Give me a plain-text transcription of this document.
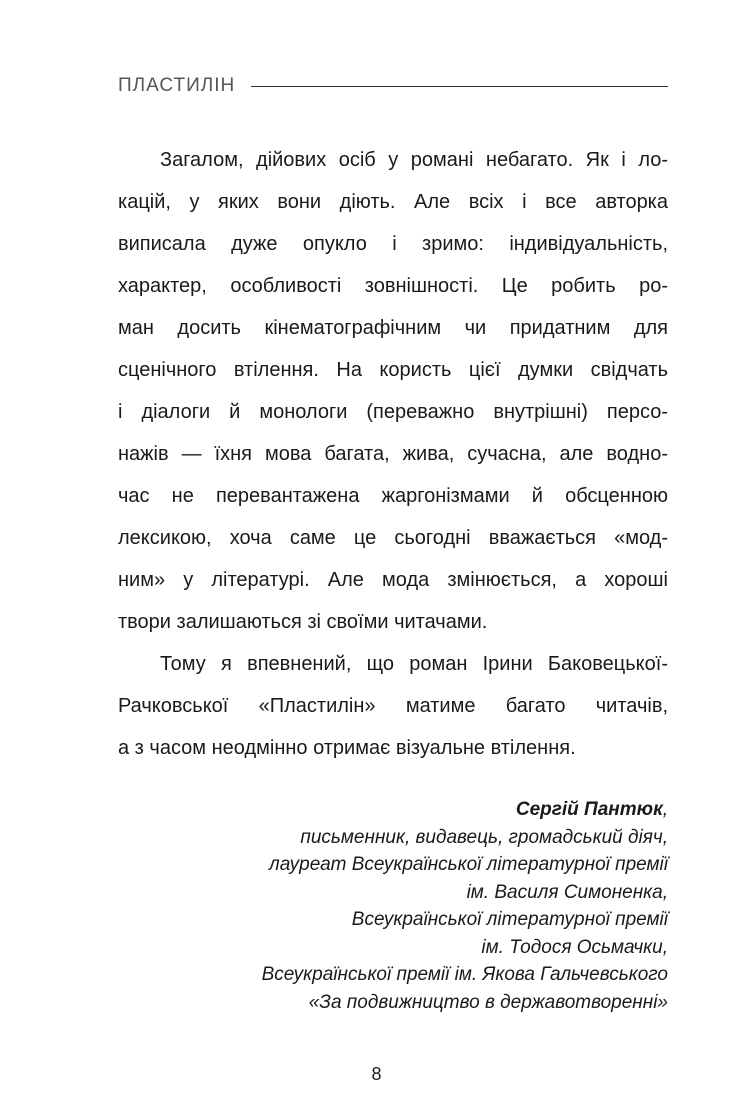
ПЛАСТИЛІН
Загалом, дійових осіб у романі небагато. Як і ло-
кацій, у яких вони діють. Але всіх і все авторка
виписала дуже опукло і зримо: індивідуальність,
характер, особливості зовнішності. Це робить ро-
ман досить кінематографічним чи придатним для
сценічного втілення. На користь цієї думки свідчать
і діалоги й монологи (переважно внутрішні) персо-
нажів — їхня мова багата, жива, сучасна, але водно-
час не перевантажена жаргонізмами й обсценною
лексикою, хоча саме це сьогодні вважається «мод-
ним» у літературі. Але мода змінюється, а хороші
твори залишаються зі своїми читачами.
Тому я впевнений, що роман Ірини Баковецької-
Рачковської «Пластилін» матиме багато читачів,
а з часом неодмінно отримає візуальне втілення.
Сергій Пантюк,
письменник, видавець, громадський діяч,
лауреат Всеукраїнської літературної премії
ім. Василя Симоненка,
Всеукраїнської літературної премії
ім. Тодося Осьмачки,
Всеукраїнської премії ім. Якова Гальчевського
«За подвижництво в державотворенні»
8
